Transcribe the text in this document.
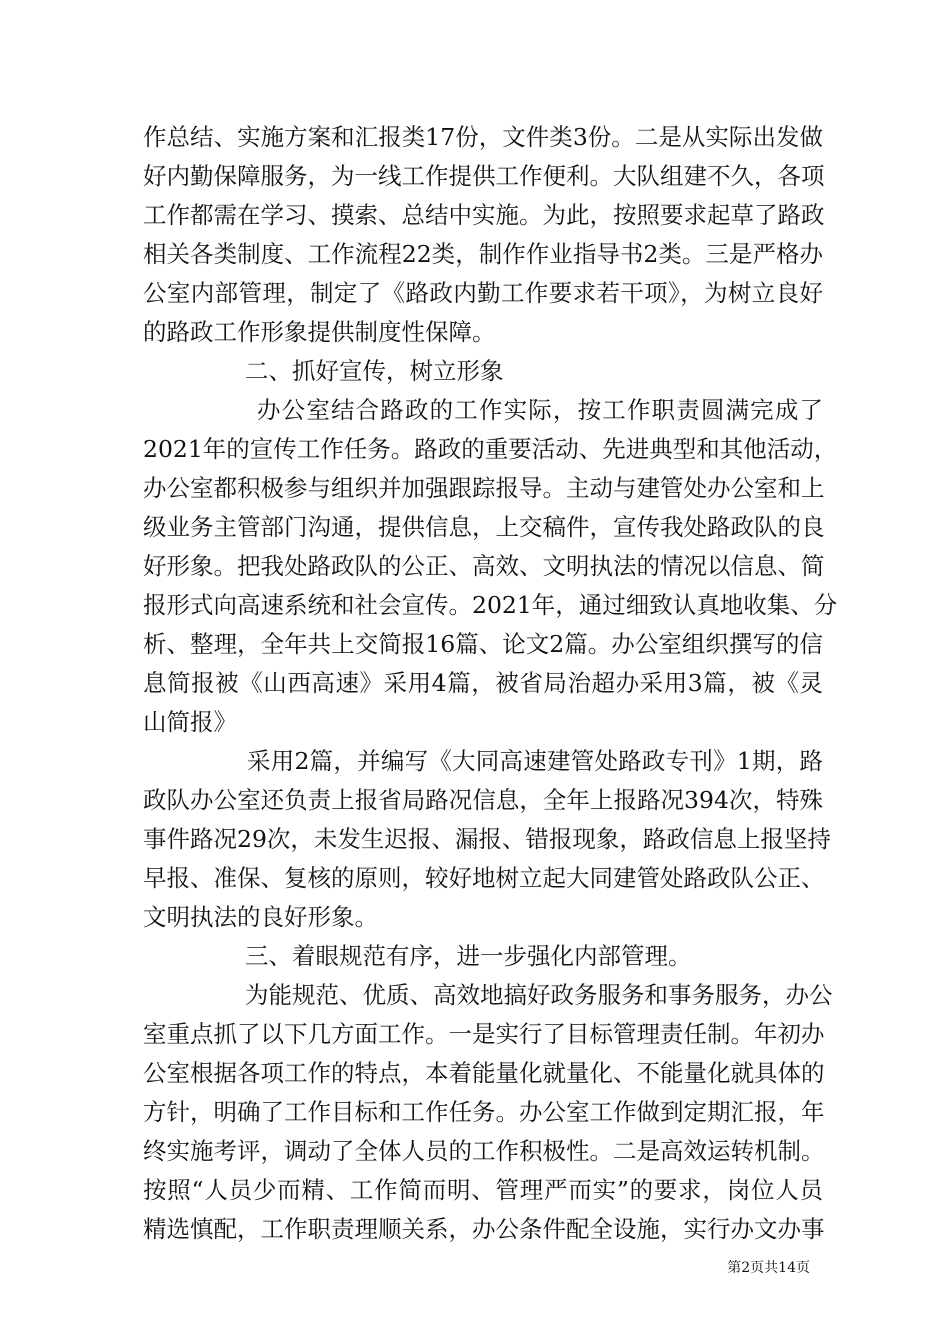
作总结、实施方案和汇报类17份，文件类3份。二是从实际出发做
好内勤保障服务，为一线工作提供工作便利。大队组建不久，各项
工作都需在学习、摸索、总结中实施。为此，按照要求起草了路政
相关各类制度、工作流程22类，制作作业指导书2类。三是严格办
公室内部管理，制定了《路政内勤工作要求若干项》，为树立良好
的路政工作形象提供制度性保障。
二、抓好宣传，树立形象
办公室结合路政的工作实际，按工作职责圆满完成了
2021年的宣传工作任务。路政的重要活动、先进典型和其他活动，
办公室都积极参与组织并加强跟踪报导。主动与建管处办公室和上
级业务主管部门沟通，提供信息，上交稿件，宣传我处路政队的良
好形象。把我处路政队的公正、高效、文明执法的情况以信息、简
报形式向高速系统和社会宣传。2021年，通过细致认真地收集、分
析、整理，全年共上交简报16篇、论文2篇。办公室组织撰写的信
息简报被《山西高速》采用4篇，被省局治超办采用3篇，被《灵
山简报》
采用2篇，并编写《大同高速建管处路政专刊》1期，路
政队办公室还负责上报省局路况信息，全年上报路况394次，特殊
事件路况29次，未发生迟报、漏报、错报现象，路政信息上报坚持
早报、准保、复核的原则，较好地树立起大同建管处路政队公正、
文明执法的良好形象。
三、着眼规范有序，进一步强化内部管理。
为能规范、优质、高效地搞好政务服务和事务服务，办公
室重点抓了以下几方面工作。一是实行了目标管理责任制。年初办
公室根据各项工作的特点，本着能量化就量化、不能量化就具体的
方针，明确了工作目标和工作任务。办公室工作做到定期汇报，年
终实施考评，调动了全体人员的工作积极性。二是高效运转机制。
按照“人员少而精、工作简而明、管理严而实”的要求，岗位人员
精选慎配，工作职责理顺关系，办公条件配全设施，实行办文办事
第2页共14页
